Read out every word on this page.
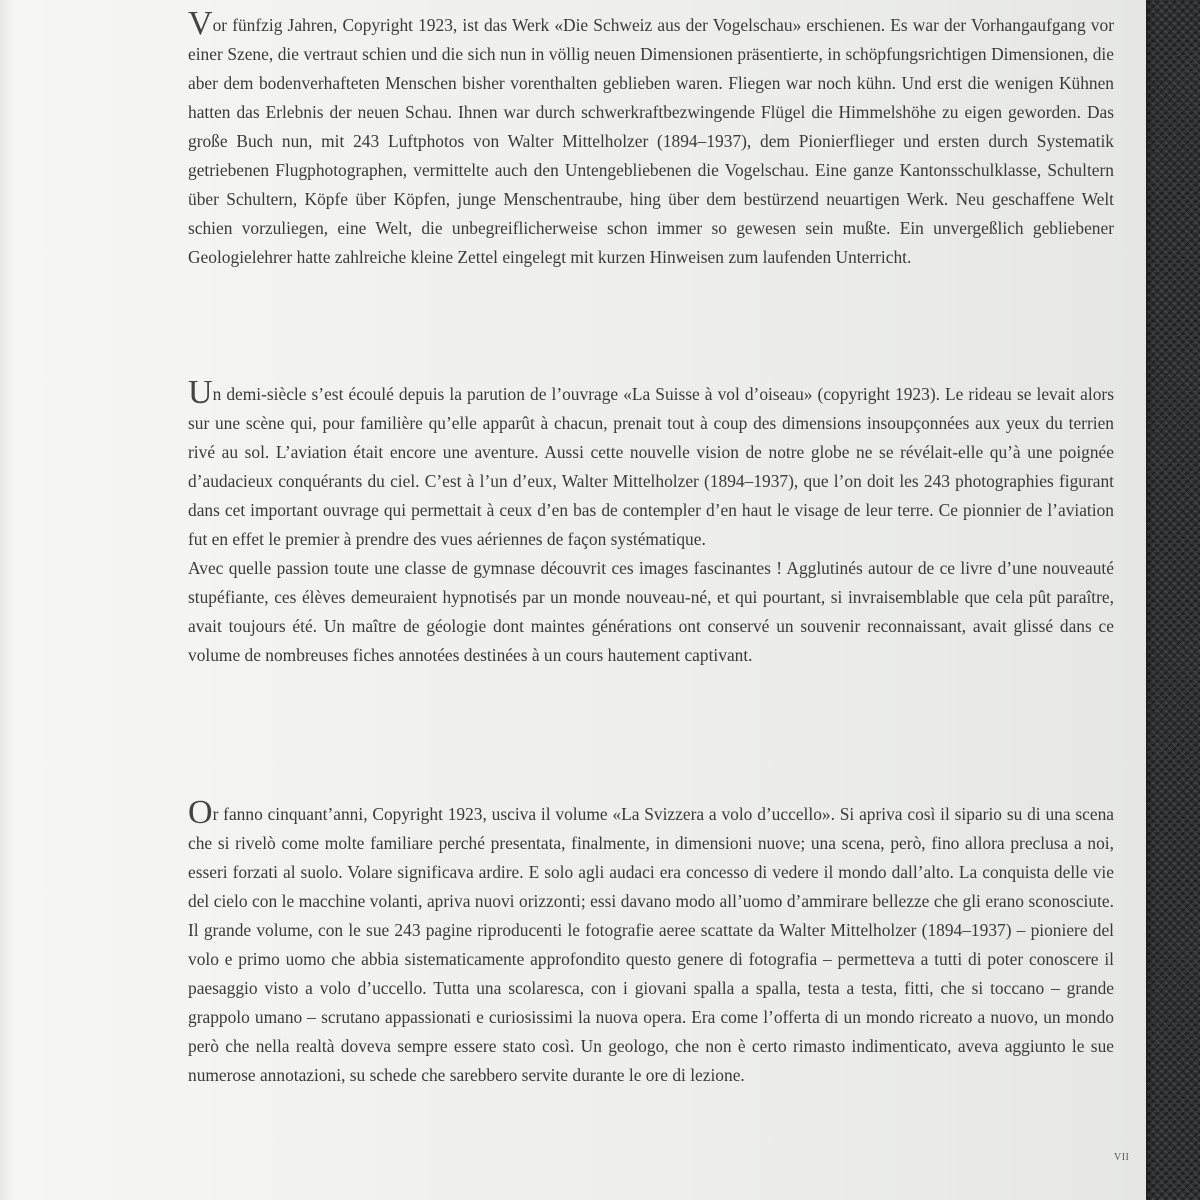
Vor fünfzig Jahren, Copyright 1923, ist das Werk «Die Schweiz aus der Vogelschau» erschienen. Es war der Vorhangaufgang vor einer Szene, die vertraut schien und die sich nun in völlig neuen Dimensionen präsentierte, in schöpfungsrichtigen Dimensionen, die aber dem bodenverhafteten Menschen bisher vorenthalten geblieben waren. Fliegen war noch kühn. Und erst die wenigen Kühnen hatten das Erlebnis der neuen Schau. Ihnen war durch schwerkraftbezwingende Flügel die Himmelshöhe zu eigen geworden. Das große Buch nun, mit 243 Luftphotos von Walter Mittelholzer (1894–1937), dem Pionierflieger und ersten durch Systematik getriebenen Flugphotographen, vermittelte auch den Untengebliebenen die Vogelschau. Eine ganze Kantonsschulklasse, Schultern über Schultern, Köpfe über Köpfen, junge Menschentraube, hing über dem bestürzend neuartigen Werk. Neu geschaffene Welt schien vorzuliegen, eine Welt, die unbegreiflicherweise schon immer so gewesen sein mußte. Ein unvergeßlich gebliebener Geologielehrer hatte zahlreiche kleine Zettel eingelegt mit kurzen Hinweisen zum laufenden Unterricht.

Un demi-siècle s’est écoulé depuis la parution de l’ouvrage «La Suisse à vol d’oiseau» (copyright 1923). Le rideau se levait alors sur une scène qui, pour familière qu’elle apparût à chacun, prenait tout à coup des dimensions insoupçonnées aux yeux du terrien rivé au sol. L’aviation était encore une aventure. Aussi cette nouvelle vision de notre globe ne se révélait-elle qu’à une poignée d’audacieux conquérants du ciel. C’est à l’un d’eux, Walter Mittelholzer (1894–1937), que l’on doit les 243 photographies figurant dans cet important ouvrage qui permettait à ceux d’en bas de contempler d’en haut le visage de leur terre. Ce pionnier de l’aviation fut en effet le premier à prendre des vues aériennes de façon systématique.

Avec quelle passion toute une classe de gymnase découvrit ces images fascinantes ! Agglutinés autour de ce livre d’une nouveauté stupéfiante, ces élèves demeuraient hypnotisés par un monde nouveau-né, et qui pourtant, si invraisemblable que cela pût paraître, avait toujours été. Un maître de géologie dont maintes générations ont conservé un souvenir reconnaissant, avait glissé dans ce volume de nombreuses fiches annotées destinées à un cours hautement captivant.

Or fanno cinquant’anni, Copyright 1923, usciva il volume «La Svizzera a volo d’uccello». Si apriva così il sipario su di una scena che si rivelò come molte familiare perché presentata, finalmente, in dimensioni nuove; una scena, però, fino allora preclusa a noi, esseri forzati al suolo. Volare significava ardire. E solo agli audaci era concesso di vedere il mondo dall’alto. La conquista delle vie del cielo con le macchine volanti, apriva nuovi orizzonti; essi davano modo all’uomo d’ammirare bellezze che gli erano sconosciute. Il grande volume, con le sue 243 pagine riproducenti le fotografie aeree scattate da Walter Mittelholzer (1894–1937) – pioniere del volo e primo uomo che abbia sistematicamente approfondito questo genere di fotografia – permetteva a tutti di poter conoscere il paesaggio visto a volo d’uccello. Tutta una scolaresca, con i giovani spalla a spalla, testa a testa, fitti, che si toccano – grande grappolo umano – scrutano appassionati e curiosissimi la nuova opera. Era come l’offerta di un mondo ricreato a nuovo, un mondo però che nella realtà doveva sempre essere stato così. Un geologo, che non è certo rimasto indimenticato, aveva aggiunto le sue numerose annotazioni, su schede che sarebbero servite durante le ore di lezione.

VII
